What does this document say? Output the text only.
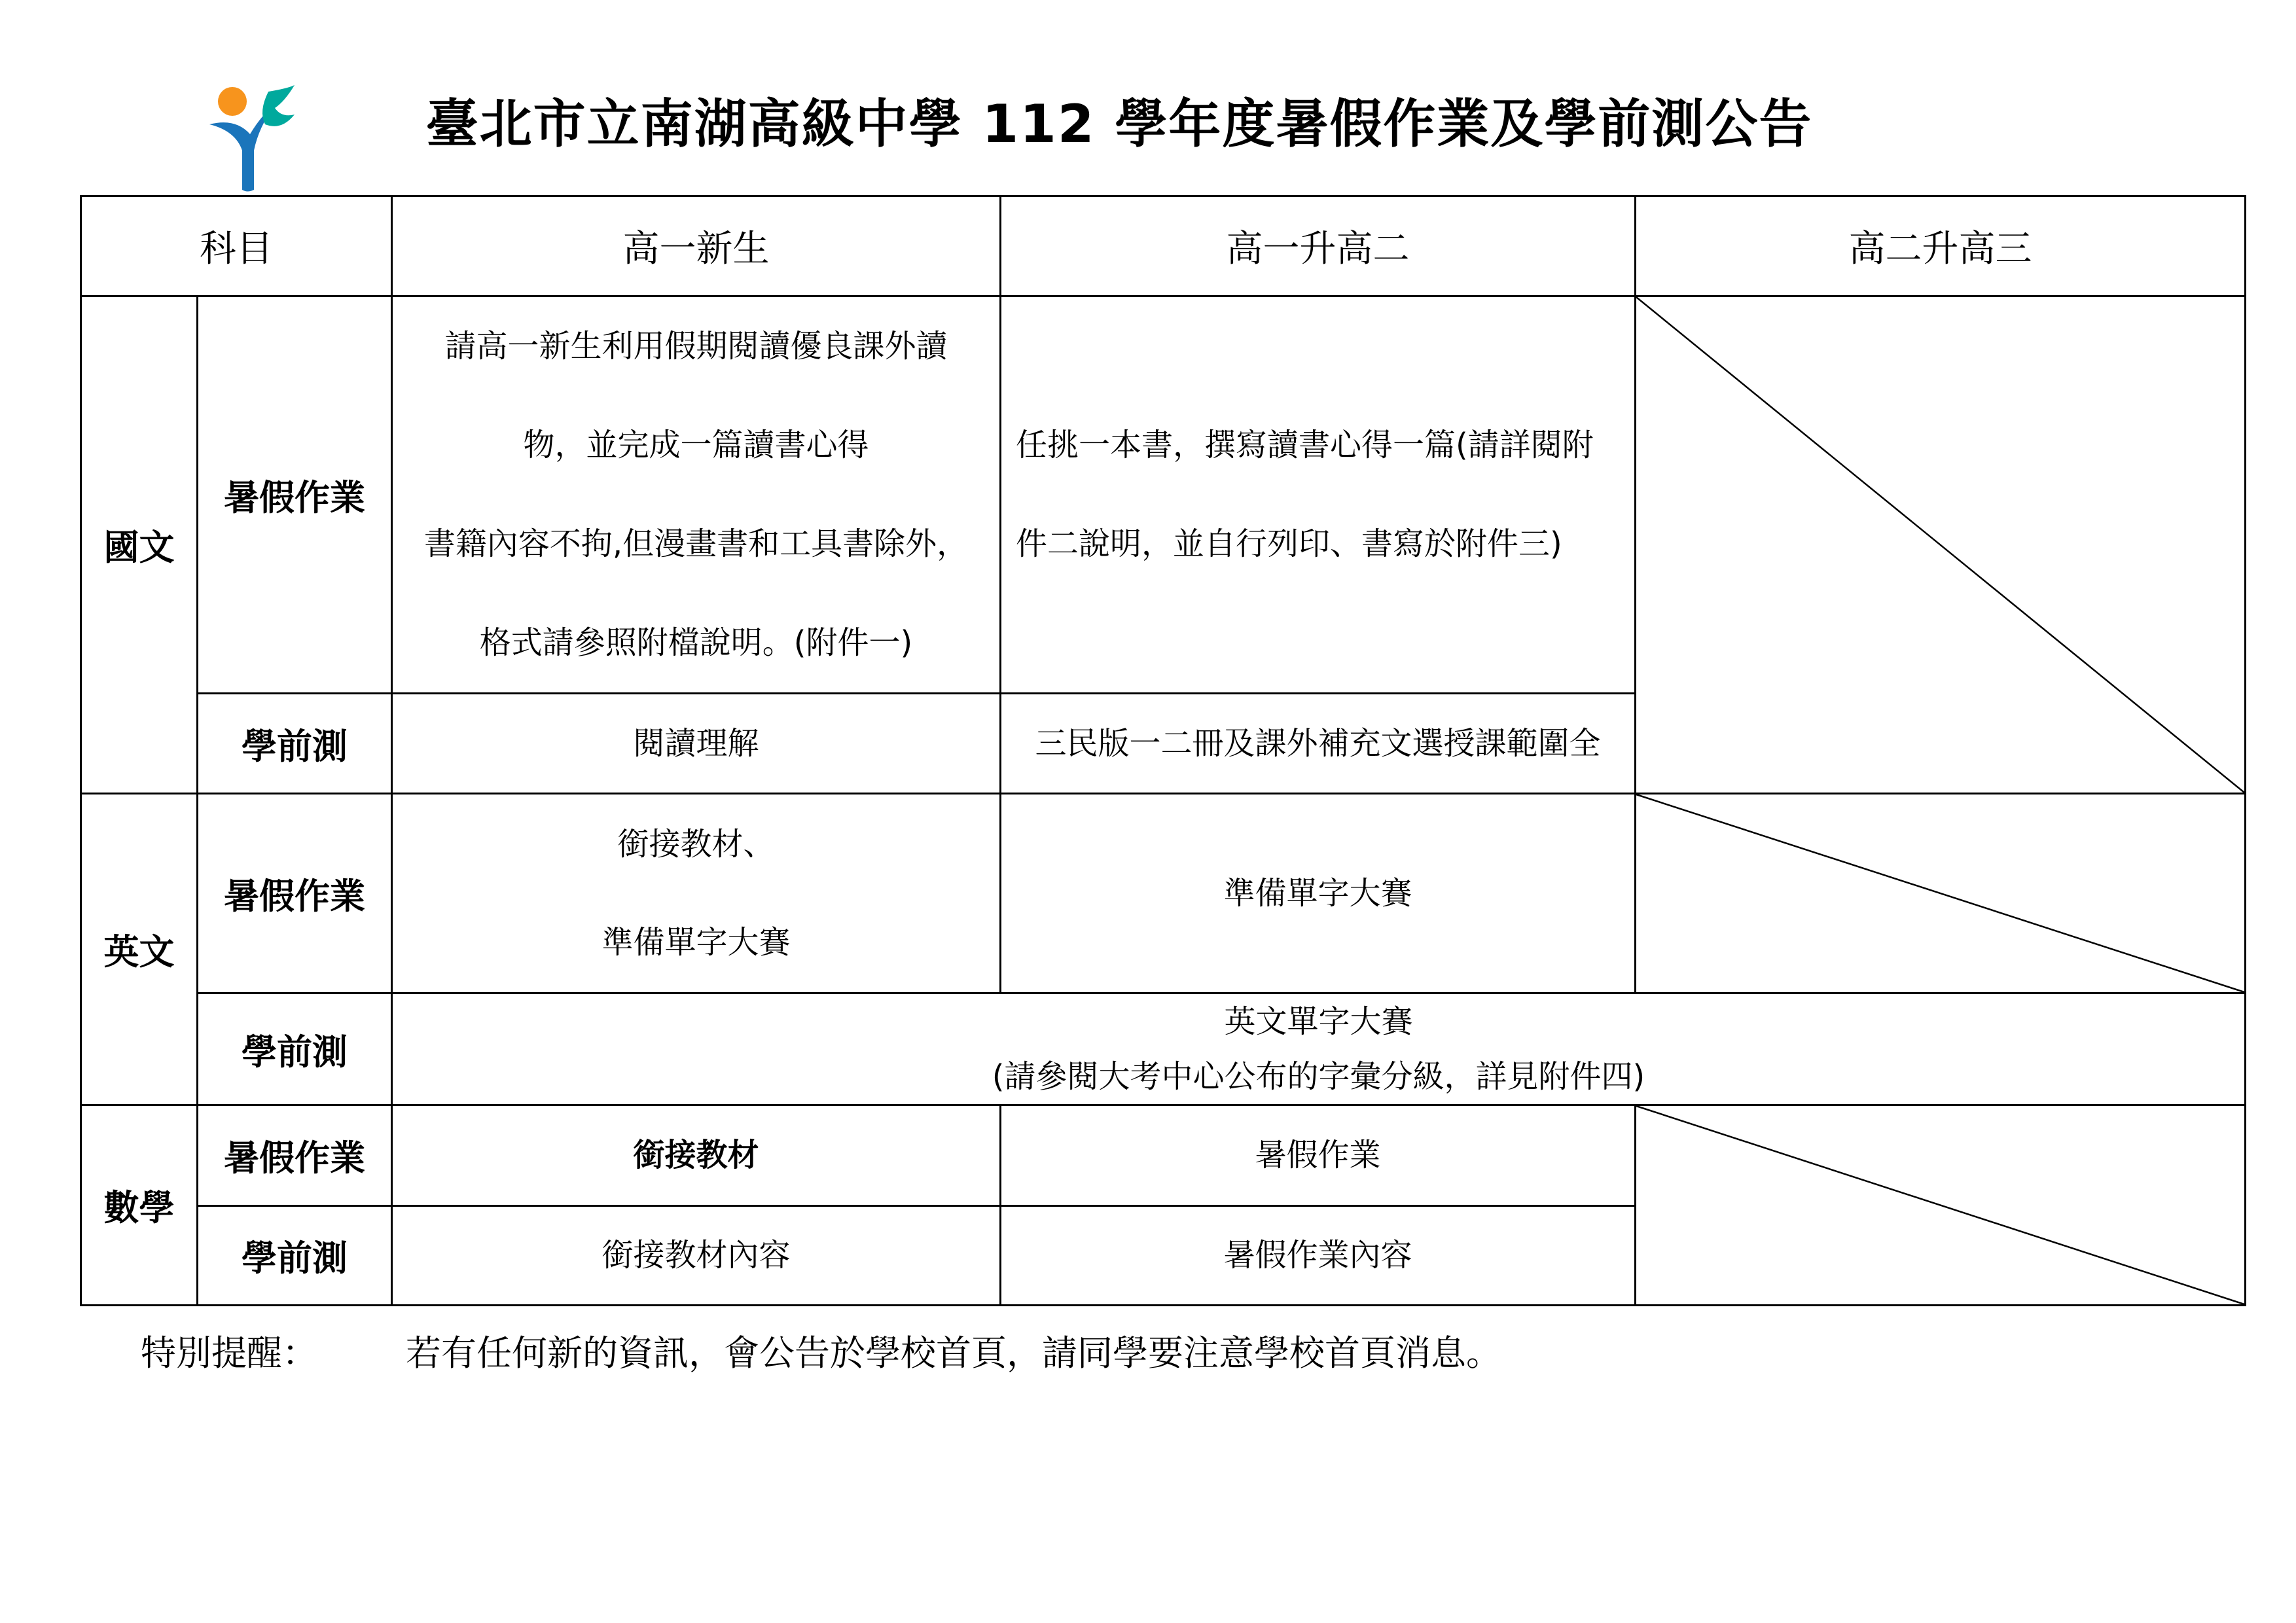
臺北市立南湖高級中學 112 學年度暑假作業及學前測公告
科目		高一新生	高一升高二	高二升高三
國文	暑假作業	請高一新生利用假期閱讀優良課外讀
物，並完成一篇讀書心得
書籍內容不拘,但漫畫書和工具書除外，
格式請參照附檔說明。(附件一)	任挑一本書，撰寫讀書心得一篇(請詳閱附
件二說明，並自行列印、書寫於附件三)

	學前測	閱讀理解	三民版一二冊及課外補充文選授課範圍全	
英文	暑假作業	銜接教材、
準備單字大賽	準備單字大賽	

	學前測	英文單字大賽
(請參閱大考中心公布的字彙分級，詳見附件四)		

數學	暑假作業	銜接教材	暑假作業	

	學前測	銜接教材內容	暑假作業內容	
特別提醒：	若有任何新的資訊，會公告於學校首頁，請同學要注意學校首頁消息。
